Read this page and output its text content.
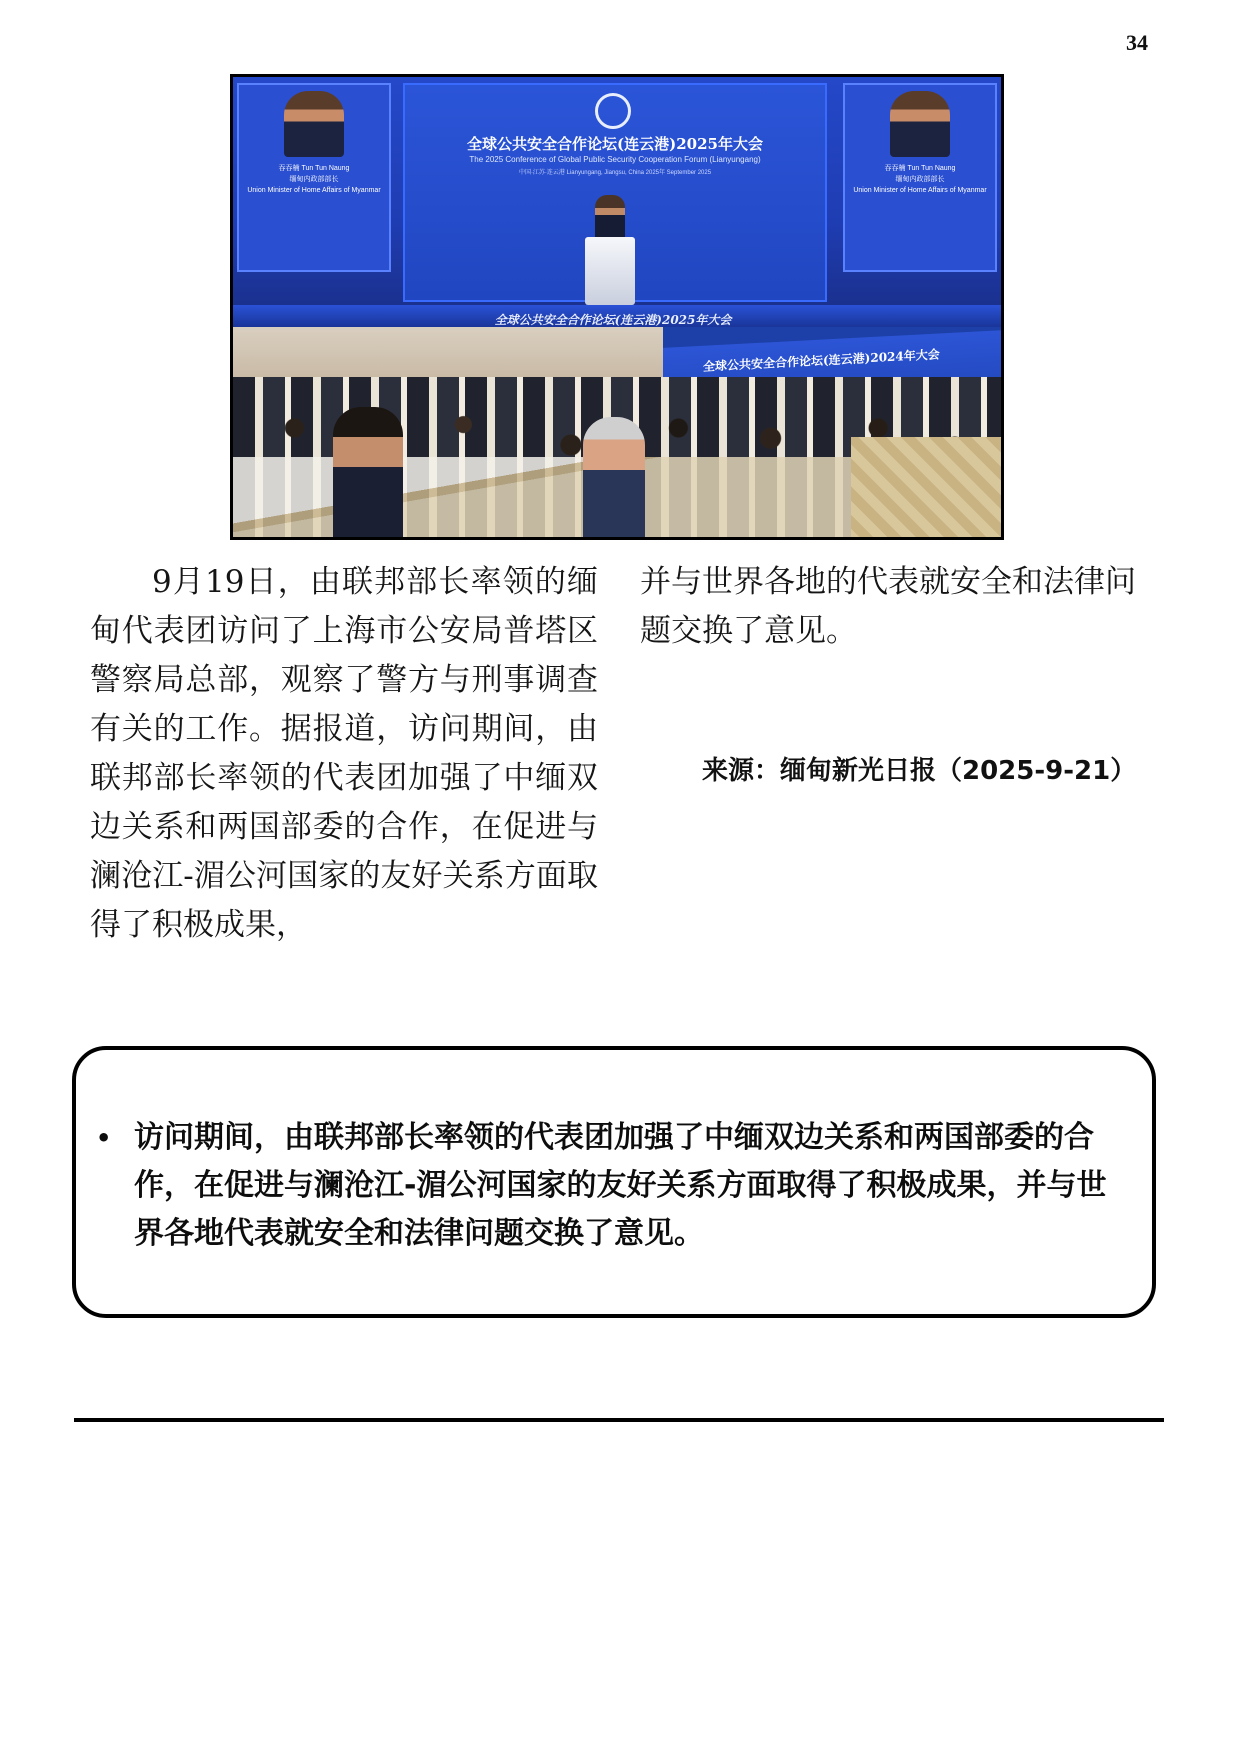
34
吞吞楠 Tun Tun Naung
缅甸内政部部长
Union Minister of Home Affairs of Myanmar
全球公共安全合作论坛(连云港)2025年大会
The 2025 Conference of Global Public Security Cooperation Forum (Lianyungang)
中国·江苏·连云港 Lianyungang, Jiangsu, China 2025年 September 2025
吞吞楠 Tun Tun Naung
缅甸内政部部长
Union Minister of Home Affairs of Myanmar
全球公共安全合作论坛(连云港)2025年大会
全球公共安全合作论坛(连云港)2024年大会
9月19日，由联邦部长率领的缅甸代表团访问了上海市公安局普塔区警察局总部，观察了警方与刑事调查有关的工作。据报道，访问期间，由联邦部长率领的代表团加强了中缅双边关系和两国部委的合作，在促进与澜沧江-湄公河国家的友好关系方面取得了积极成果，
并与世界各地的代表就安全和法律问题交换了意见。
来源：缅甸新光日报（2025-9-21）
• 访问期间，由联邦部长率领的代表团加强了中缅双边关系和两国部委的合作，在促进与澜沧江-湄公河国家的友好关系方面取得了积极成果，并与世界各地代表就安全和法律问题交换了意见。
